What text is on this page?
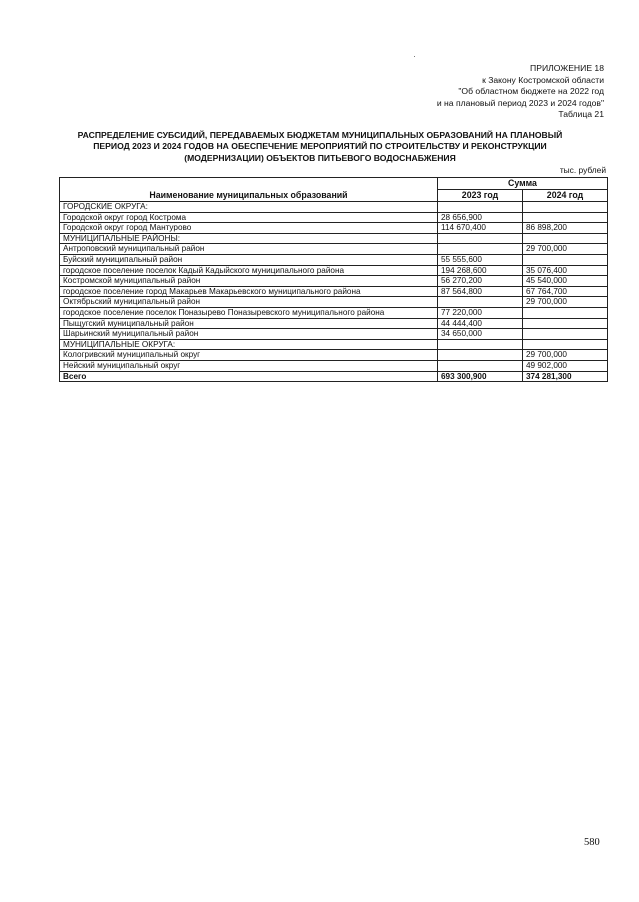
ПРИЛОЖЕНИЕ 18
к Закону Костромской области
"Об областном бюджете на 2022 год
и на плановый период 2023 и 2024 годов"
Таблица 21
РАСПРЕДЕЛЕНИЕ СУБСИДИЙ, ПЕРЕДАВАЕМЫХ БЮДЖЕТАМ МУНИЦИПАЛЬНЫХ ОБРАЗОВАНИЙ НА ПЛАНОВЫЙ ПЕРИОД 2023 И 2024 ГОДОВ НА ОБЕСПЕЧЕНИЕ МЕРОПРИЯТИЙ ПО СТРОИТЕЛЬСТВУ И РЕКОНСТРУКЦИИ (МОДЕРНИЗАЦИИ) ОБЪЕКТОВ ПИТЬЕВОГО ВОДОСНАБЖЕНИЯ
тыс. рублей
Наименование муниципальных образований	Сумма	
	2023 год	2024 год
ГОРОДСКИЕ ОКРУГА:		
Городской округ город Кострома	28 656,900	
Городской округ город Мантурово	114 670,400	86 898,200
МУНИЦИПАЛЬНЫЕ РАЙОНЫ:		
Антроповский муниципальный район		29 700,000
Буйский муниципальный район	55 555,600	
городское поселение поселок Кадый Кадыйского муниципального района	194 268,600	35 076,400
Костромской муниципальный район	56 270,200	45 540,000
городское поселение город Макарьев Макарьевского муниципального района	87 564,800	67 764,700
Октябрьский муниципальный район		29 700,000
городское поселение поселок Поназырево Поназыревского муниципального района	77 220,000	
Пыщугский муниципальный район	44 444,400	
Шарьинский муниципальный район	34 650,000	
МУНИЦИПАЛЬНЫЕ ОКРУГА:		
Кологривский муниципальный округ		29 700,000
Нейский муниципальный округ		49 902,000
Всего	693 300,900	374 281,300
580
